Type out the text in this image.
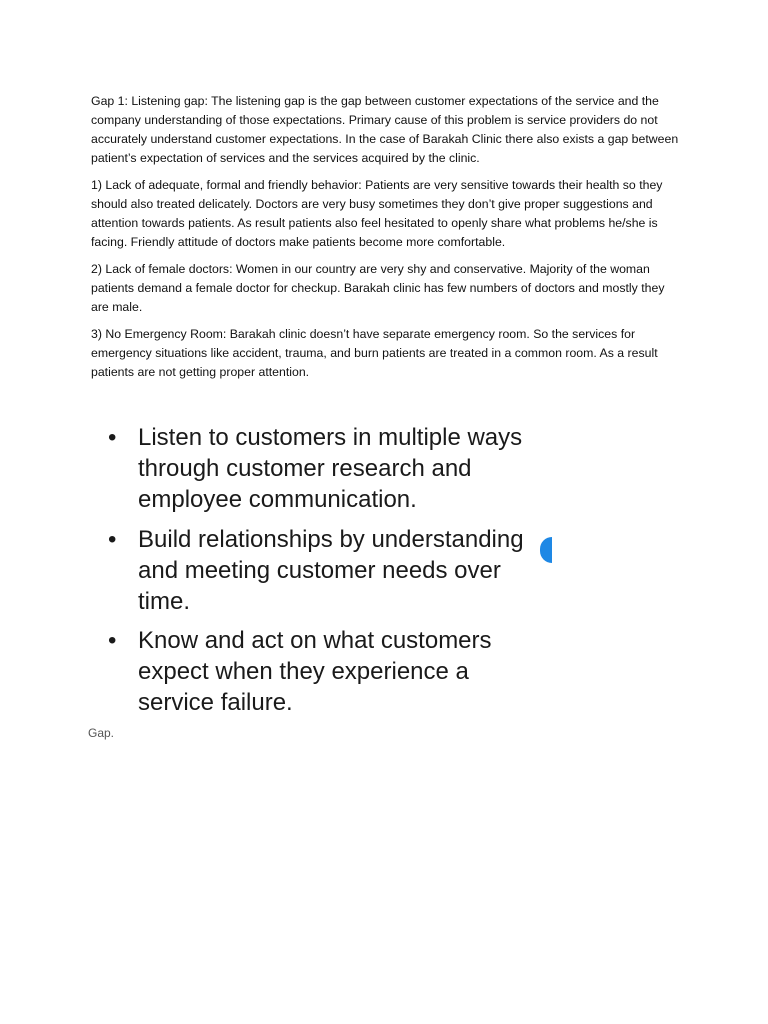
Gap 1: Listening gap: The listening gap is the gap between customer expectations of the service and the company understanding of those expectations. Primary cause of this problem is service providers do not accurately understand customer expectations. In the case of Barakah Clinic there also exists a gap between patient’s expectation of services and the services acquired by the clinic.

1) Lack of adequate, formal and friendly behavior: Patients are very sensitive towards their health so they should also treated delicately. Doctors are very busy sometimes they don’t give proper suggestions and attention towards patients. As result patients also feel hesitated to openly share what problems he/she is facing. Friendly attitude of doctors make patients become more comfortable.

2) Lack of female doctors: Women in our country are very shy and conservative. Majority of the woman patients demand a female doctor for checkup. Barakah clinic has few numbers of doctors and mostly they are male.

3) No Emergency Room: Barakah clinic doesn’t have separate emergency room. So the services for emergency situations like accident, trauma, and burn patients are treated in a common room. As a result patients are not getting proper attention.

• Listen to customers in multiple ways through customer research and employee communication.
• Build relationships by understanding and meeting customer needs over time.
• Know and act on what customers expect when they experience a service failure.
Gap.
